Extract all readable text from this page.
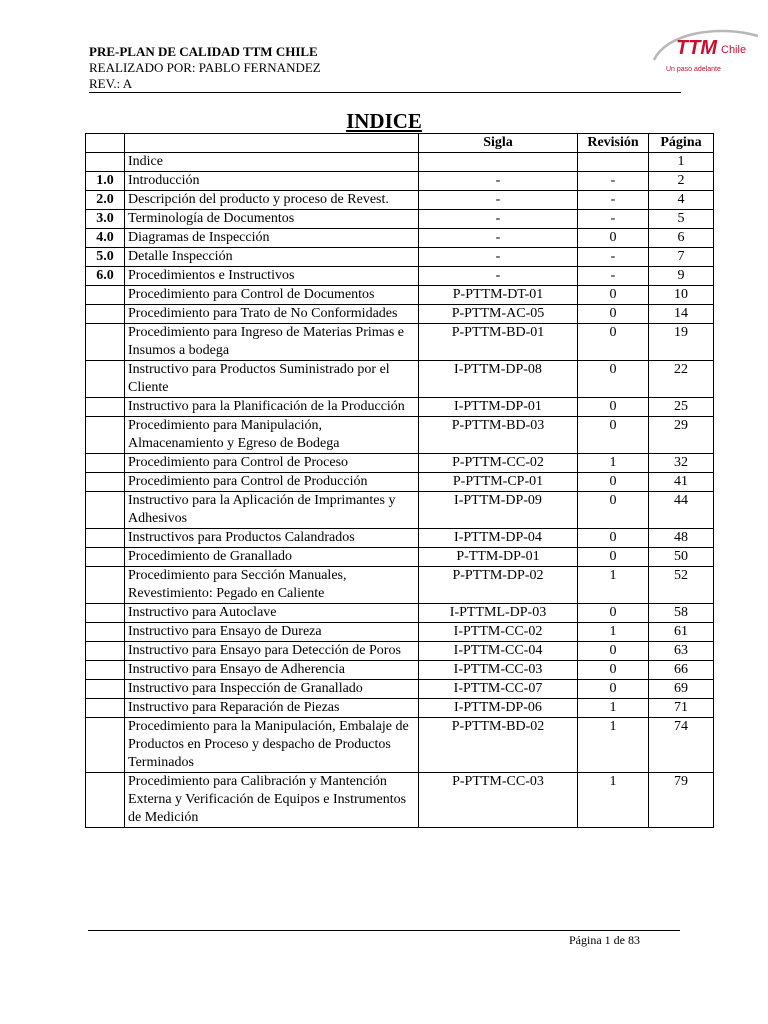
PRE-PLAN DE CALIDAD TTM CHILE
REALIZADO POR: PABLO FERNANDEZ
REV.: A
TTM Chile
Un paso adelante
INDICE
		Sigla	Revisión	Página
	Indice			1
1.0	Introducción	-	-	2
2.0	Descripción del producto y proceso de Revest.	-	-	4
3.0	Terminología de Documentos	-	-	5
4.0	Diagramas de Inspección	-	0	6
5.0	Detalle Inspección	-	-	7
6.0	Procedimientos e Instructivos	-	-	9
	Procedimiento para Control de Documentos	P-PTTM-DT-01	0	10
	Procedimiento para Trato de No Conformidades	P-PTTM-AC-05	0	14
	Procedimiento para Ingreso de Materias Primas e Insumos a bodega	P-PTTM-BD-01	0	19
	Instructivo para Productos Suministrado por el Cliente	I-PTTM-DP-08	0	22
	Instructivo para la Planificación de la Producción	I-PTTM-DP-01	0	25
	Procedimiento para Manipulación, Almacenamiento y Egreso de Bodega	P-PTTM-BD-03	0	29
	Procedimiento para Control de Proceso	P-PTTM-CC-02	1	32
	Procedimiento para Control de Producción	P-PTTM-CP-01	0	41
	Instructivo para la Aplicación de Imprimantes y Adhesivos	I-PTTM-DP-09	0	44
	Instructivos para Productos Calandrados	I-PTTM-DP-04	0	48
	Procedimiento de Granallado	P-TTM-DP-01	0	50
	Procedimiento para Sección Manuales, Revestimiento: Pegado en Caliente	P-PTTM-DP-02	1	52
	Instructivo para Autoclave	I-PTTML-DP-03	0	58
	Instructivo para Ensayo de Dureza	I-PTTM-CC-02	1	61
	Instructivo para Ensayo para Detección de Poros	I-PTTM-CC-04	0	63
	Instructivo para Ensayo de Adherencia	I-PTTM-CC-03	0	66
	Instructivo para Inspección de Granallado	I-PTTM-CC-07	0	69
	Instructivo para Reparación de Piezas	I-PTTM-DP-06	1	71
	Procedimiento para la Manipulación, Embalaje de Productos en Proceso y despacho de Productos Terminados	P-PTTM-BD-02	1	74
	Procedimiento para Calibración y Mantención Externa y Verificación de Equipos e Instrumentos de Medición	P-PTTM-CC-03	1	79
Página 1 de 83
